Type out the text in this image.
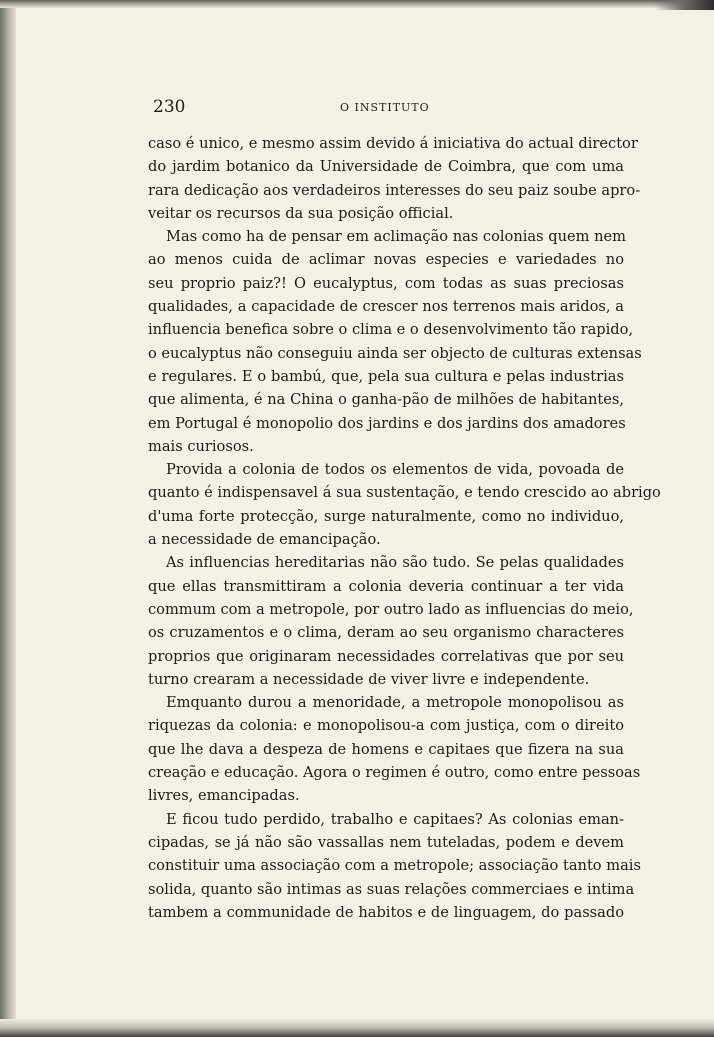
230	O INSTITUTO
caso é unico, e mesmo assim devido á iniciativa do actual director
do jardim botanico da Universidade de Coimbra, que com uma
rara dedicação aos verdadeiros interesses do seu paiz soube apro-
veitar os recursos da sua posição official.
Mas como ha de pensar em aclimação nas colonias quem nem
ao menos cuida de aclimar novas especies e variedades no
seu proprio paiz?! O eucalyptus, com todas as suas preciosas
qualidades, a capacidade de crescer nos terrenos mais aridos, a
influencia benefica sobre o clima e o desenvolvimento tão rapido,
o eucalyptus não conseguiu ainda ser objecto de culturas extensas
e regulares. E o bambú, que, pela sua cultura e pelas industrias
que alimenta, é na China o ganha-pão de milhões de habitantes,
em Portugal é monopolio dos jardins e dos jardins dos amadores
mais curiosos.
Provida a colonia de todos os elementos de vida, povoada de
quanto é indispensavel á sua sustentação, e tendo crescido ao abrigo
d'uma forte protecção, surge naturalmente, como no individuo,
a necessidade de emancipação.
As influencias hereditarias não são tudo. Se pelas qualidades
que ellas transmittiram a colonia deveria continuar a ter vida
commum com a metropole, por outro lado as influencias do meio,
os cruzamentos e o clima, deram ao seu organismo characteres
proprios que originaram necessidades correlativas que por seu
turno crearam a necessidade de viver livre e independente.
Emquanto durou a menoridade, a metropole monopolisou as
riquezas da colonia: e monopolisou-a com justiça, com o direito
que lhe dava a despeza de homens e capitaes que fizera na sua
creação e educação. Agora o regimen é outro, como entre pessoas
livres, emancipadas.
E ficou tudo perdido, trabalho e capitaes? As colonias eman-
cipadas, se já não são vassallas nem tuteladas, podem e devem
constituir uma associação com a metropole; associação tanto mais
solida, quanto são intimas as suas relações commerciaes e intima
tambem a communidade de habitos e de linguagem, do passado
